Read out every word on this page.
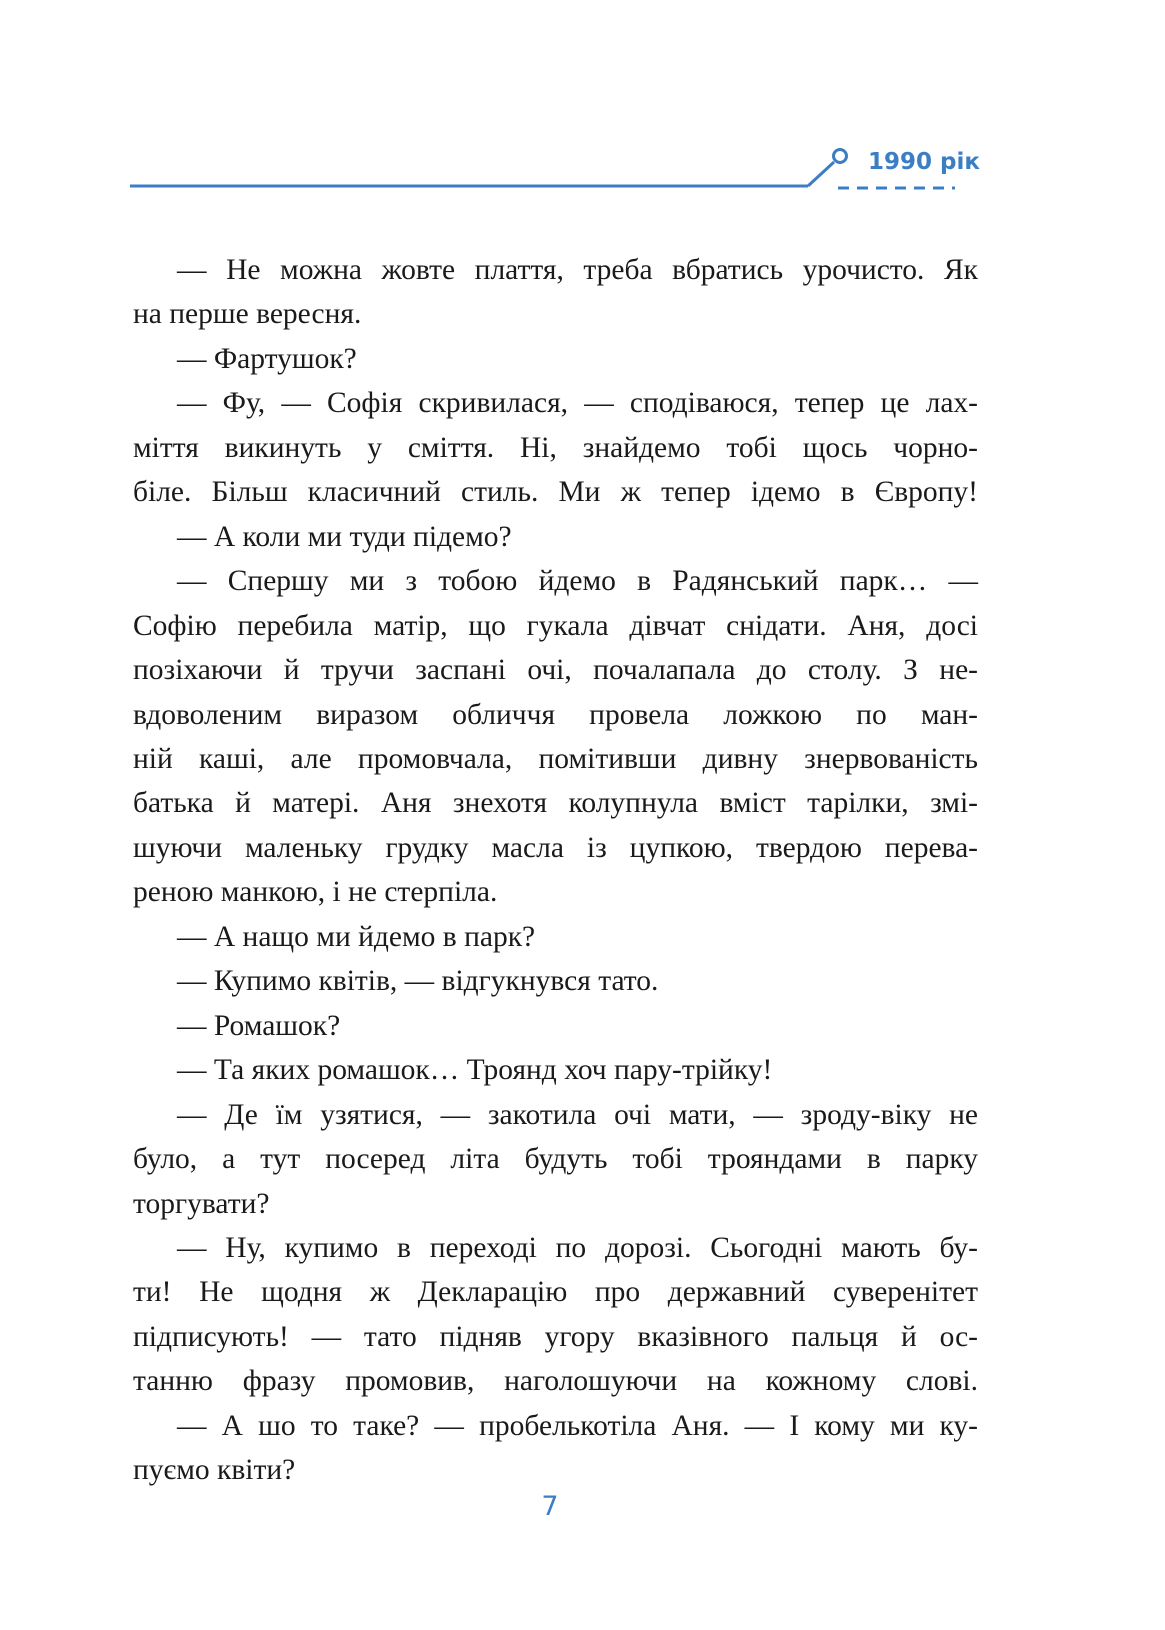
1990 рік
— Не можна жовте плаття, треба вбратись урочисто. Як
на перше вересня.
— Фартушок?
— Фу, — Софія скривилася, — сподіваюся, тепер це лах-
міття викинуть у сміття. Ні, знайдемо тобі щось чорно-
біле. Більш класичний стиль. Ми ж тепер ідемо в Європу!
— А коли ми туди підемо?
— Спершу ми з тобою йдемо в Радянський парк… —
Софію перебила матір, що гукала дівчат снідати. Аня, досі
позіхаючи й тручи заспані очі, почалапала до столу. З не-
вдоволеним виразом обличчя провела ложкою по ман-
ній каші, але промовчала, помітивши дивну знервованість
батька й матері. Аня знехотя колупнула вміст тарілки, змі-
шуючи маленьку грудку масла із цупкою, твердою перева-
реною манкою, і не стерпіла.
— А нащо ми йдемо в парк?
— Купимо квітів, — відгукнувся тато.
— Ромашок?
— Та яких ромашок… Троянд хоч пару-трійку!
— Де їм узятися, — закотила очі мати, — зроду-віку не
було, а тут посеред літа будуть тобі трояндами в парку
торгувати?
— Ну, купимо в переході по дорозі. Сьогодні мають бу-
ти! Не щодня ж Декларацію про державний суверенітет
підписують! — тато підняв угору вказівного пальця й ос-
танню фразу промовив, наголошуючи на кожному слові.
— А шо то таке? — пробелькотіла Аня. — І кому ми ку-
пуємо квіти?
7
